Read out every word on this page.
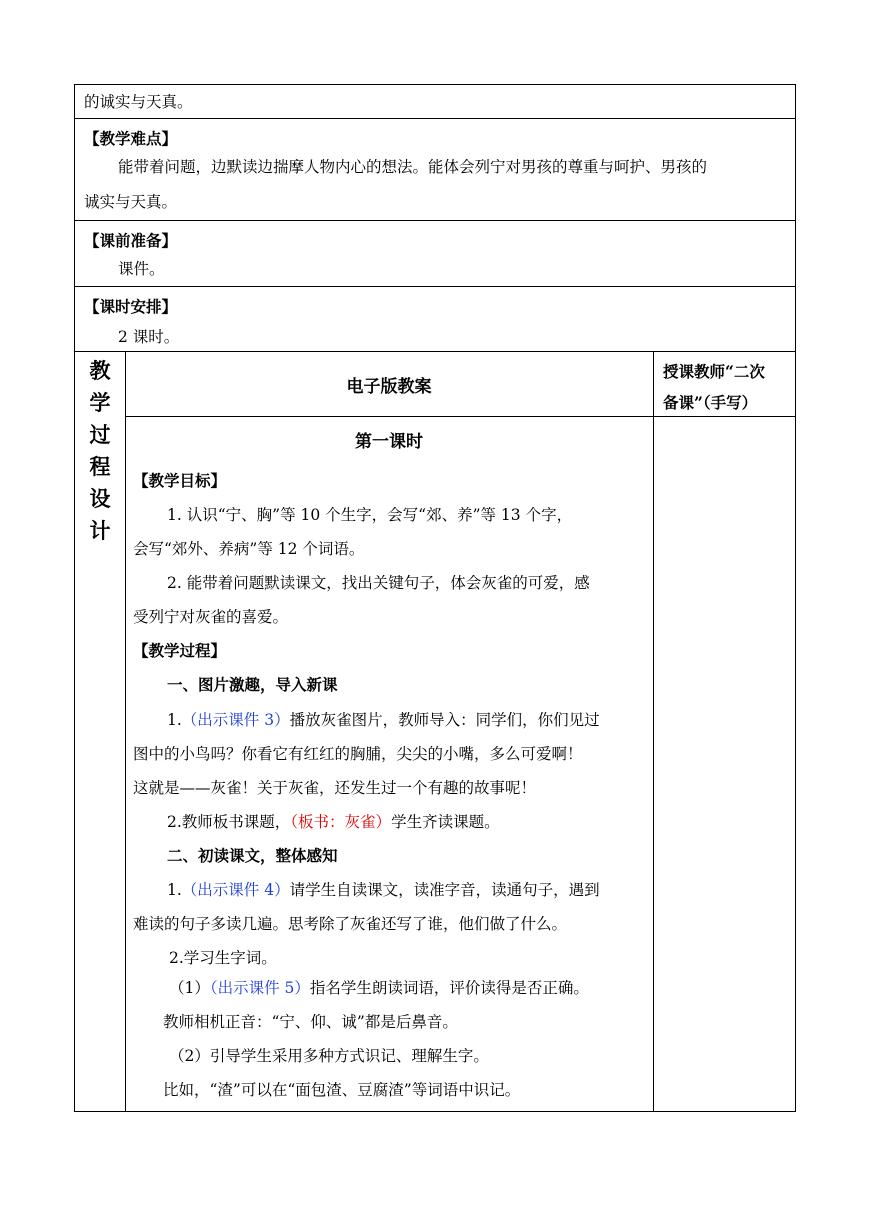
的诚实与天真。
【教学难点】
能带着问题，边默读边揣摩人物内心的想法。能体会列宁对男孩的尊重与呵护、男孩的
诚实与天真。
【课前准备】
课件。
【课时安排】
2 课时。
教
学
过
程
设
计
电子版教案
授课教师“二次
备课”（手写）
第一课时
【教学目标】
1. 认识“宁、胸”等 10 个生字，会写“郊、养”等 13 个字，
会写“郊外、养病”等 12 个词语。
2. 能带着问题默读课文，找出关键句子，体会灰雀的可爱，感
受列宁对灰雀的喜爱。
【教学过程】
一、图片激趣，导入新课
1.（出示课件 3）播放灰雀图片，教师导入：同学们，你们见过
图中的小鸟吗？你看它有红红的胸脯，尖尖的小嘴，多么可爱啊！
这就是——灰雀！关于灰雀，还发生过一个有趣的故事呢！
2.教师板书课题，（板书：灰雀）学生齐读课题。
二、初读课文，整体感知
1.（出示课件 4）请学生自读课文，读准字音，读通句子，遇到
难读的句子多读几遍。思考除了灰雀还写了谁，他们做了什么。
2.学习生字词。
（1）（出示课件 5）指名学生朗读词语，评价读得是否正确。
教师相机正音：“宁、仰、诚”都是后鼻音。
（2）引导学生采用多种方式识记、理解生字。
比如，“渣”可以在“面包渣、豆腐渣”等词语中识记。
